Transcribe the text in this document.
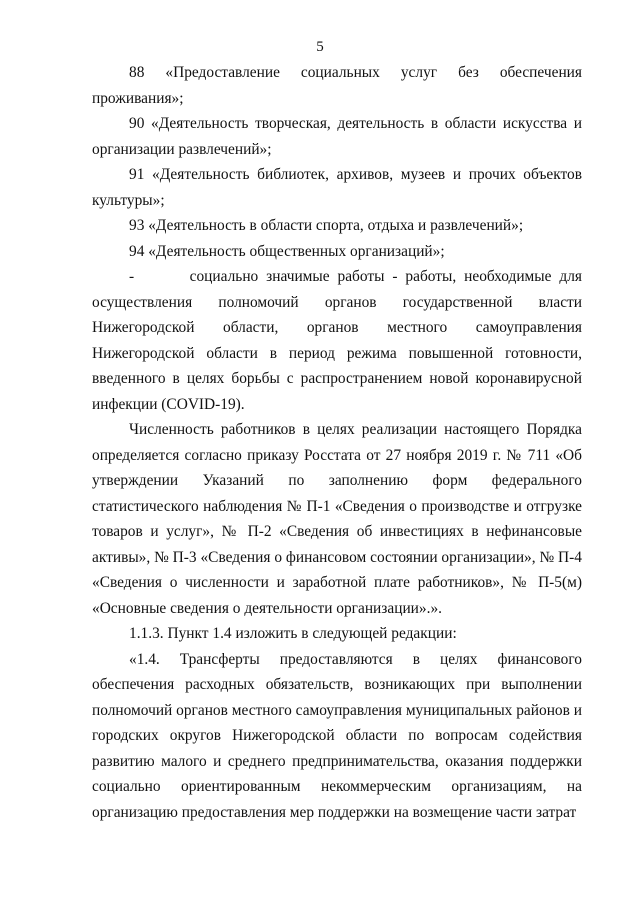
5

88 «Предоставление социальных услуг без обеспечения проживания»;

90 «Деятельность творческая, деятельность в области искусства и организации развлечений»;

91 «Деятельность библиотек, архивов, музеев и прочих объектов культуры»;

93 «Деятельность в области спорта, отдыха и развлечений»;

94 «Деятельность общественных организаций»;

-       социально значимые работы - работы, необходимые для осуществления полномочий органов государственной власти Нижегородской области, органов местного самоуправления Нижегородской области в период режима повышенной готовности, введенного в целях борьбы с распространением новой коронавирусной инфекции (COVID-19).

Численность работников в целях реализации настоящего Порядка определяется согласно приказу Росстата от 27 ноября 2019 г. № 711 «Об утверждении Указаний по заполнению форм федерального статистического наблюдения № П-1 «Сведения о производстве и отгрузке товаров и услуг», № П-2 «Сведения об инвестициях в нефинансовые активы», № П-3 «Сведения о финансовом состоянии организации», № П-4 «Сведения о численности и заработной плате работников», № П-5(м) «Основные сведения о деятельности организации».».

1.1.3. Пункт 1.4 изложить в следующей редакции:

«1.4. Трансферты предоставляются в целях финансового обеспечения расходных обязательств, возникающих при выполнении полномочий органов местного самоуправления муниципальных районов и городских округов Нижегородской области по вопросам содействия развитию малого и среднего предпринимательства, оказания поддержки социально ориентированным некоммерческим организациям, на организацию предоставления мер поддержки на возмещение части затрат
